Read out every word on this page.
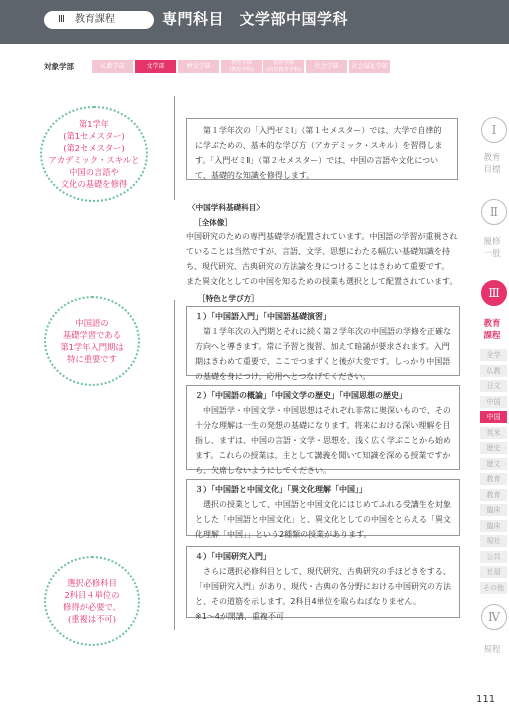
Ⅲ　教育課程	専門科目　文学部中国学科
対象学部	仏教学部	文学部	歴史学部	教育学部
(教育学科)
教育学部
(幼児教育学科)	社会学部	社会福祉学部
第1学年
(第1セメスター)
(第2セメスター)
アカデミック・スキルと
中国の言語や
文化の基礎を修得
中国語の
基礎学習である
第1学年入門期は
特に重要です
選択必修科目
2科目４単位の
修得が必要で、
(重複は不可)
第１学年次の「入門ゼミⅠ」（第１セメスター）では、大学で自律的に学ぶための、基本的な学び方（アカデミック・スキル）を習得します。「入門ゼミⅡ」（第２セメスター）では、中国の言語や文化について、基礎的な知識を修得します。
〈中国学科基礎科目〉
［全体像］
中国研究のための専門基礎学が配置されています。中国語の学習が重視されていることは当然ですが、言語、文学、思想にわたる幅広い基礎知識を持ち、現代研究、古典研究の方法論を身につけることはきわめて重要です。
また異文化としての中国を知るための授業も選択として配置されています。
［特色と学び方］
１）「中国語入門」「中国語基礎演習」
第１学年次の入門期とそれに続く第２学年次の中国語の学修を正確な方向へと導きます。常に予習と復習、加えて暗誦が要求されます。入門期はきわめて重要で、ここでつまずくと後が大変です。しっかり中国語の基礎を身につけ、応用へとつなげてください。
２）「中国語の概論」「中国文学の歴史」「中国思想の歴史」
中国語学・中国文学・中国思想はそれぞれ非常に奥深いもので、その十分な理解は一生の発想の基礎になります。将来における深い理解を目指し、まずは、中国の言語・文学・思想を、浅く広く学ぶことから始めます。これらの授業は、主として講義を聞いて知識を深める授業ですから、欠席しないようにしてください。
３）「中国語と中国文化」「異文化理解「中国」」
選択の授業として、中国語と中国文化にはじめてふれる受講生を対象とした「中国語と中国文化」と、異文化としての中国をとらえる「異文化理解「中国」」という2種類の授業があります。
４）「中国研究入門」
さらに選択必修科目として、現代研究、古典研究の手ほどきをする、「中国研究入門」があり、現代・古典の各分野における中国研究の方法と、その道筋を示します。2科目4単位を取らねばなりません。
※1〜4が開講、重複不可
Ⅰ
教育
目標
Ⅱ
履修
一般
Ⅲ
教育
課程
全学
仏教
日文
中国
中国
英米
歴史
歴文
教育
教育
臨床
臨床
現社
公共
社福
その他
Ⅳ
規程
111
